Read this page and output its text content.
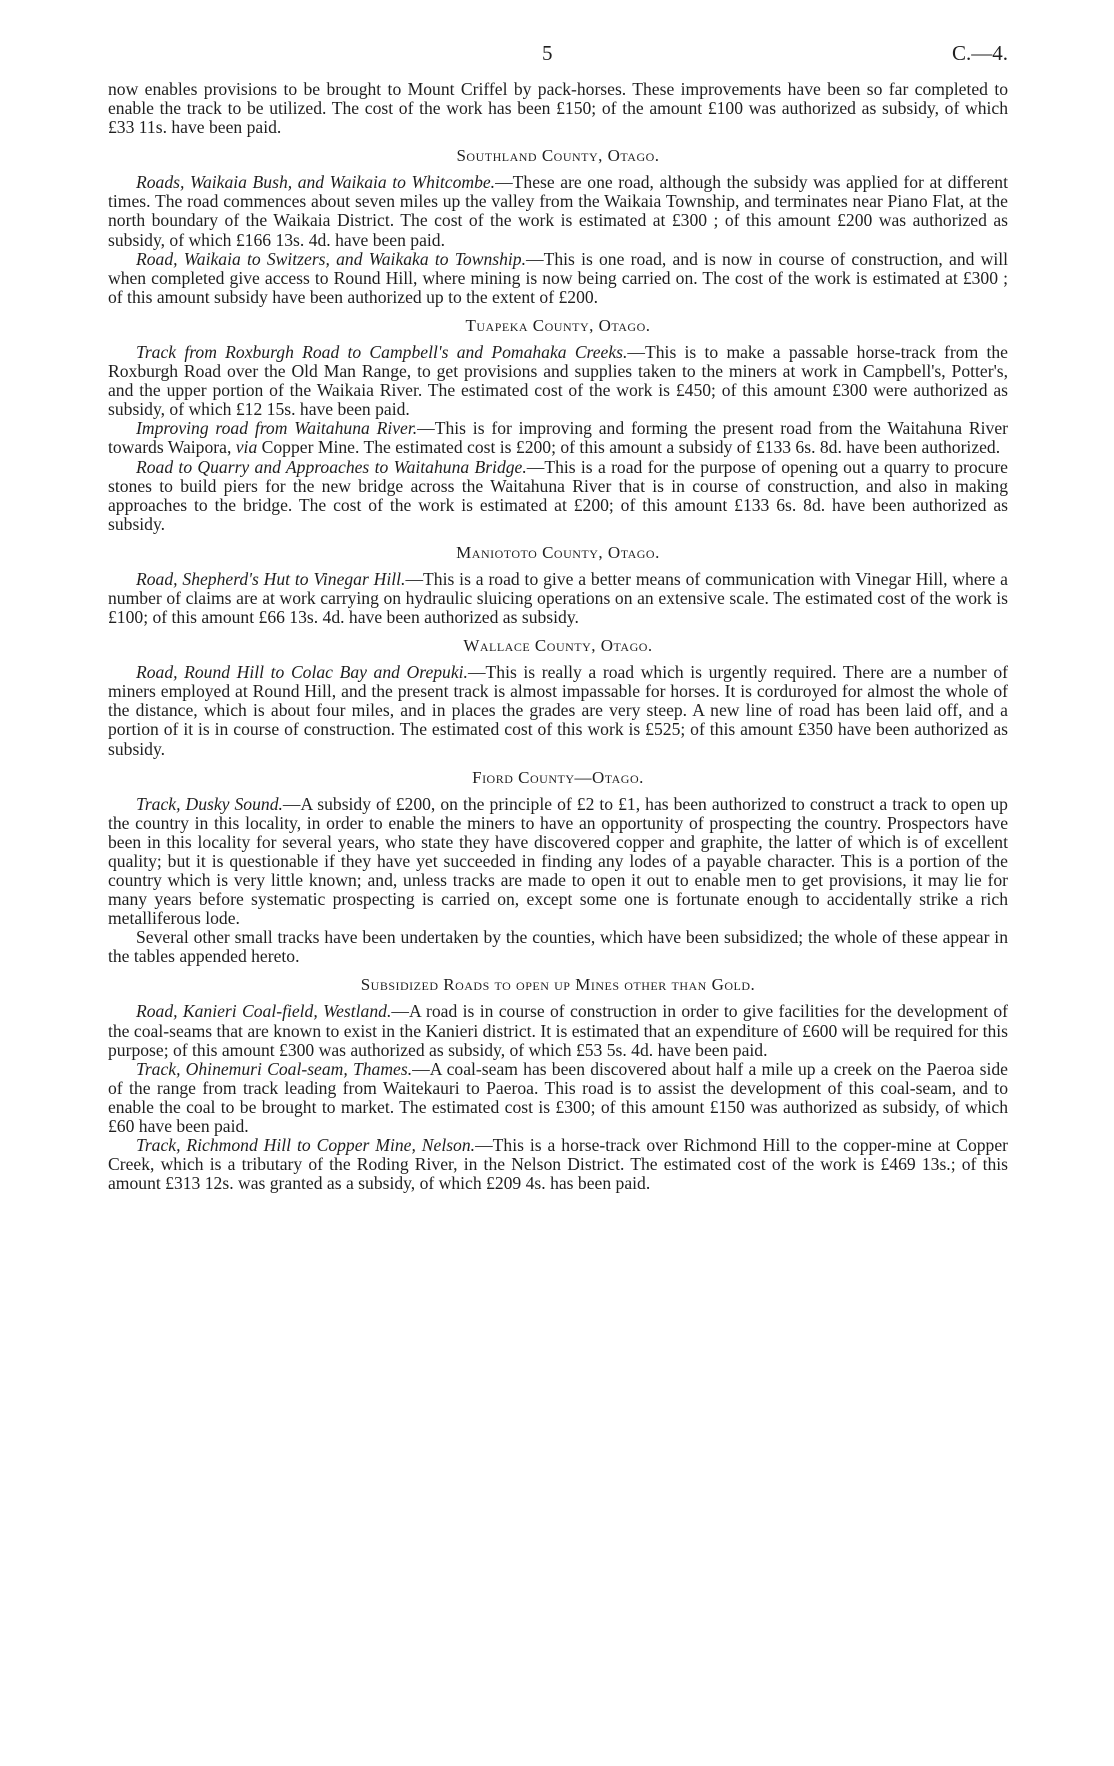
5	C.—4.

now enables provisions to be brought to Mount Criffel by pack-horses. These improvements have been so far completed to enable the track to be utilized. The cost of the work has been £150; of the amount £100 was authorized as subsidy, of which £33 11s. have been paid.

Southland County, Otago.

Roads, Waikaia Bush, and Waikaia to Whitcombe.—These are one road, although the subsidy was applied for at different times. The road commences about seven miles up the valley from the Waikaia Township, and terminates near Piano Flat, at the north boundary of the Waikaia District. The cost of the work is estimated at £300 ; of this amount £200 was authorized as subsidy, of which £166 13s. 4d. have been paid.

Road, Waikaia to Switzers, and Waikaka to Township.—This is one road, and is now in course of construction, and will when completed give access to Round Hill, where mining is now being carried on. The cost of the work is estimated at £300 ; of this amount subsidy have been authorized up to the extent of £200.

Tuapeka County, Otago.

Track from Roxburgh Road to Campbell's and Pomahaka Creeks.—This is to make a passable horse-track from the Roxburgh Road over the Old Man Range, to get provisions and supplies taken to the miners at work in Campbell's, Potter's, and the upper portion of the Waikaia River. The estimated cost of the work is £450; of this amount £300 were authorized as subsidy, of which £12 15s. have been paid.

Improving road from Waitahuna River.—This is for improving and forming the present road from the Waitahuna River towards Waipora, via Copper Mine. The estimated cost is £200; of this amount a subsidy of £133 6s. 8d. have been authorized.

Road to Quarry and Approaches to Waitahuna Bridge.—This is a road for the purpose of opening out a quarry to procure stones to build piers for the new bridge across the Waitahuna River that is in course of construction, and also in making approaches to the bridge. The cost of the work is estimated at £200; of this amount £133 6s. 8d. have been authorized as subsidy.

Maniototo County, Otago.

Road, Shepherd's Hut to Vinegar Hill.—This is a road to give a better means of communication with Vinegar Hill, where a number of claims are at work carrying on hydraulic sluicing operations on an extensive scale. The estimated cost of the work is £100; of this amount £66 13s. 4d. have been authorized as subsidy.

Wallace County, Otago.

Road, Round Hill to Colac Bay and Orepuki.—This is really a road which is urgently required. There are a number of miners employed at Round Hill, and the present track is almost impassable for horses. It is corduroyed for almost the whole of the distance, which is about four miles, and in places the grades are very steep. A new line of road has been laid off, and a portion of it is in course of construction. The estimated cost of this work is £525; of this amount £350 have been authorized as subsidy.

Fiord County—Otago.

Track, Dusky Sound.—A subsidy of £200, on the principle of £2 to £1, has been authorized to construct a track to open up the country in this locality, in order to enable the miners to have an opportunity of prospecting the country. Prospectors have been in this locality for several years, who state they have discovered copper and graphite, the latter of which is of excellent quality; but it is questionable if they have yet succeeded in finding any lodes of a payable character. This is a portion of the country which is very little known; and, unless tracks are made to open it out to enable men to get provisions, it may lie for many years before systematic prospecting is carried on, except some one is fortunate enough to accidentally strike a rich metalliferous lode.

Several other small tracks have been undertaken by the counties, which have been subsidized; the whole of these appear in the tables appended hereto.

Subsidized Roads to open up Mines other than Gold.

Road, Kanieri Coal-field, Westland.—A road is in course of construction in order to give facilities for the development of the coal-seams that are known to exist in the Kanieri district. It is estimated that an expenditure of £600 will be required for this purpose; of this amount £300 was authorized as subsidy, of which £53 5s. 4d. have been paid.

Track, Ohinemuri Coal-seam, Thames.—A coal-seam has been discovered about half a mile up a creek on the Paeroa side of the range from track leading from Waitekauri to Paeroa. This road is to assist the development of this coal-seam, and to enable the coal to be brought to market. The estimated cost is £300; of this amount £150 was authorized as subsidy, of which £60 have been paid.

Track, Richmond Hill to Copper Mine, Nelson.—This is a horse-track over Richmond Hill to the copper-mine at Copper Creek, which is a tributary of the Roding River, in the Nelson District. The estimated cost of the work is £469 13s.; of this amount £313 12s. was granted as a subsidy, of which £209 4s. has been paid.
